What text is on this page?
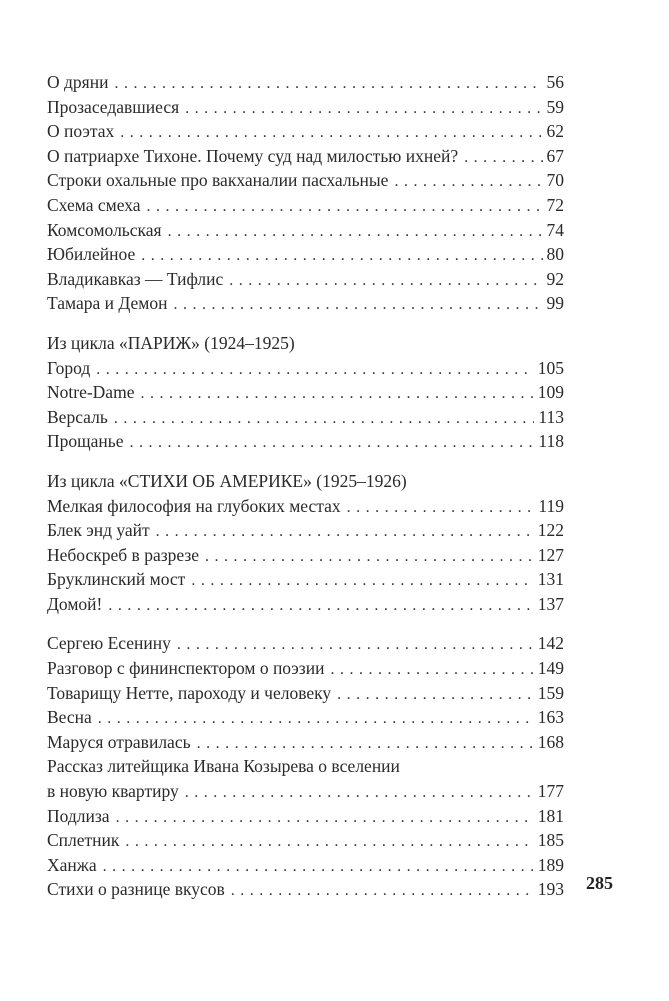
О дряни . . .	56
Прозаседавшиеся . . .	59
О поэтах . . .	62
О патриархе Тихоне. Почему суд над милостью ихней? . . .	67
Строки охальные про вакханалии пасхальные . . .	70
Схема смеха . . .	72
Комсомольская . . .	74
Юбилейное . . .	80
Владикавказ — Тифлис . . .	92
Тамара и Демон . . .	99
Из цикла «ПАРИЖ» (1924–1925)
Город . . .	105
Notre-Dame . . .	109
Версаль . . .	113
Прощанье . . .	118
Из цикла «СТИХИ ОБ АМЕРИКЕ» (1925–1926)
Мелкая философия на глубоких местах . . .	119
Блек энд уайт . . .	122
Небоскреб в разрезе . . .	127
Бруклинский мост . . .	131
Домой! . . .	137
Сергею Есенину . . .	142
Разговор с фининспектором о поэзии . . .	149
Товарищу Нетте, пароходу и человеку . . .	159
Весна . . .	163
Маруся отравилась . . .	168
Рассказ литейщика Ивана Козырева о вселении
в новую квартиру . . .	177
Подлиза . . .	181
Сплетник . . .	185
Ханжа . . .	189
Стихи о разнице вкусов . . .	193 285
